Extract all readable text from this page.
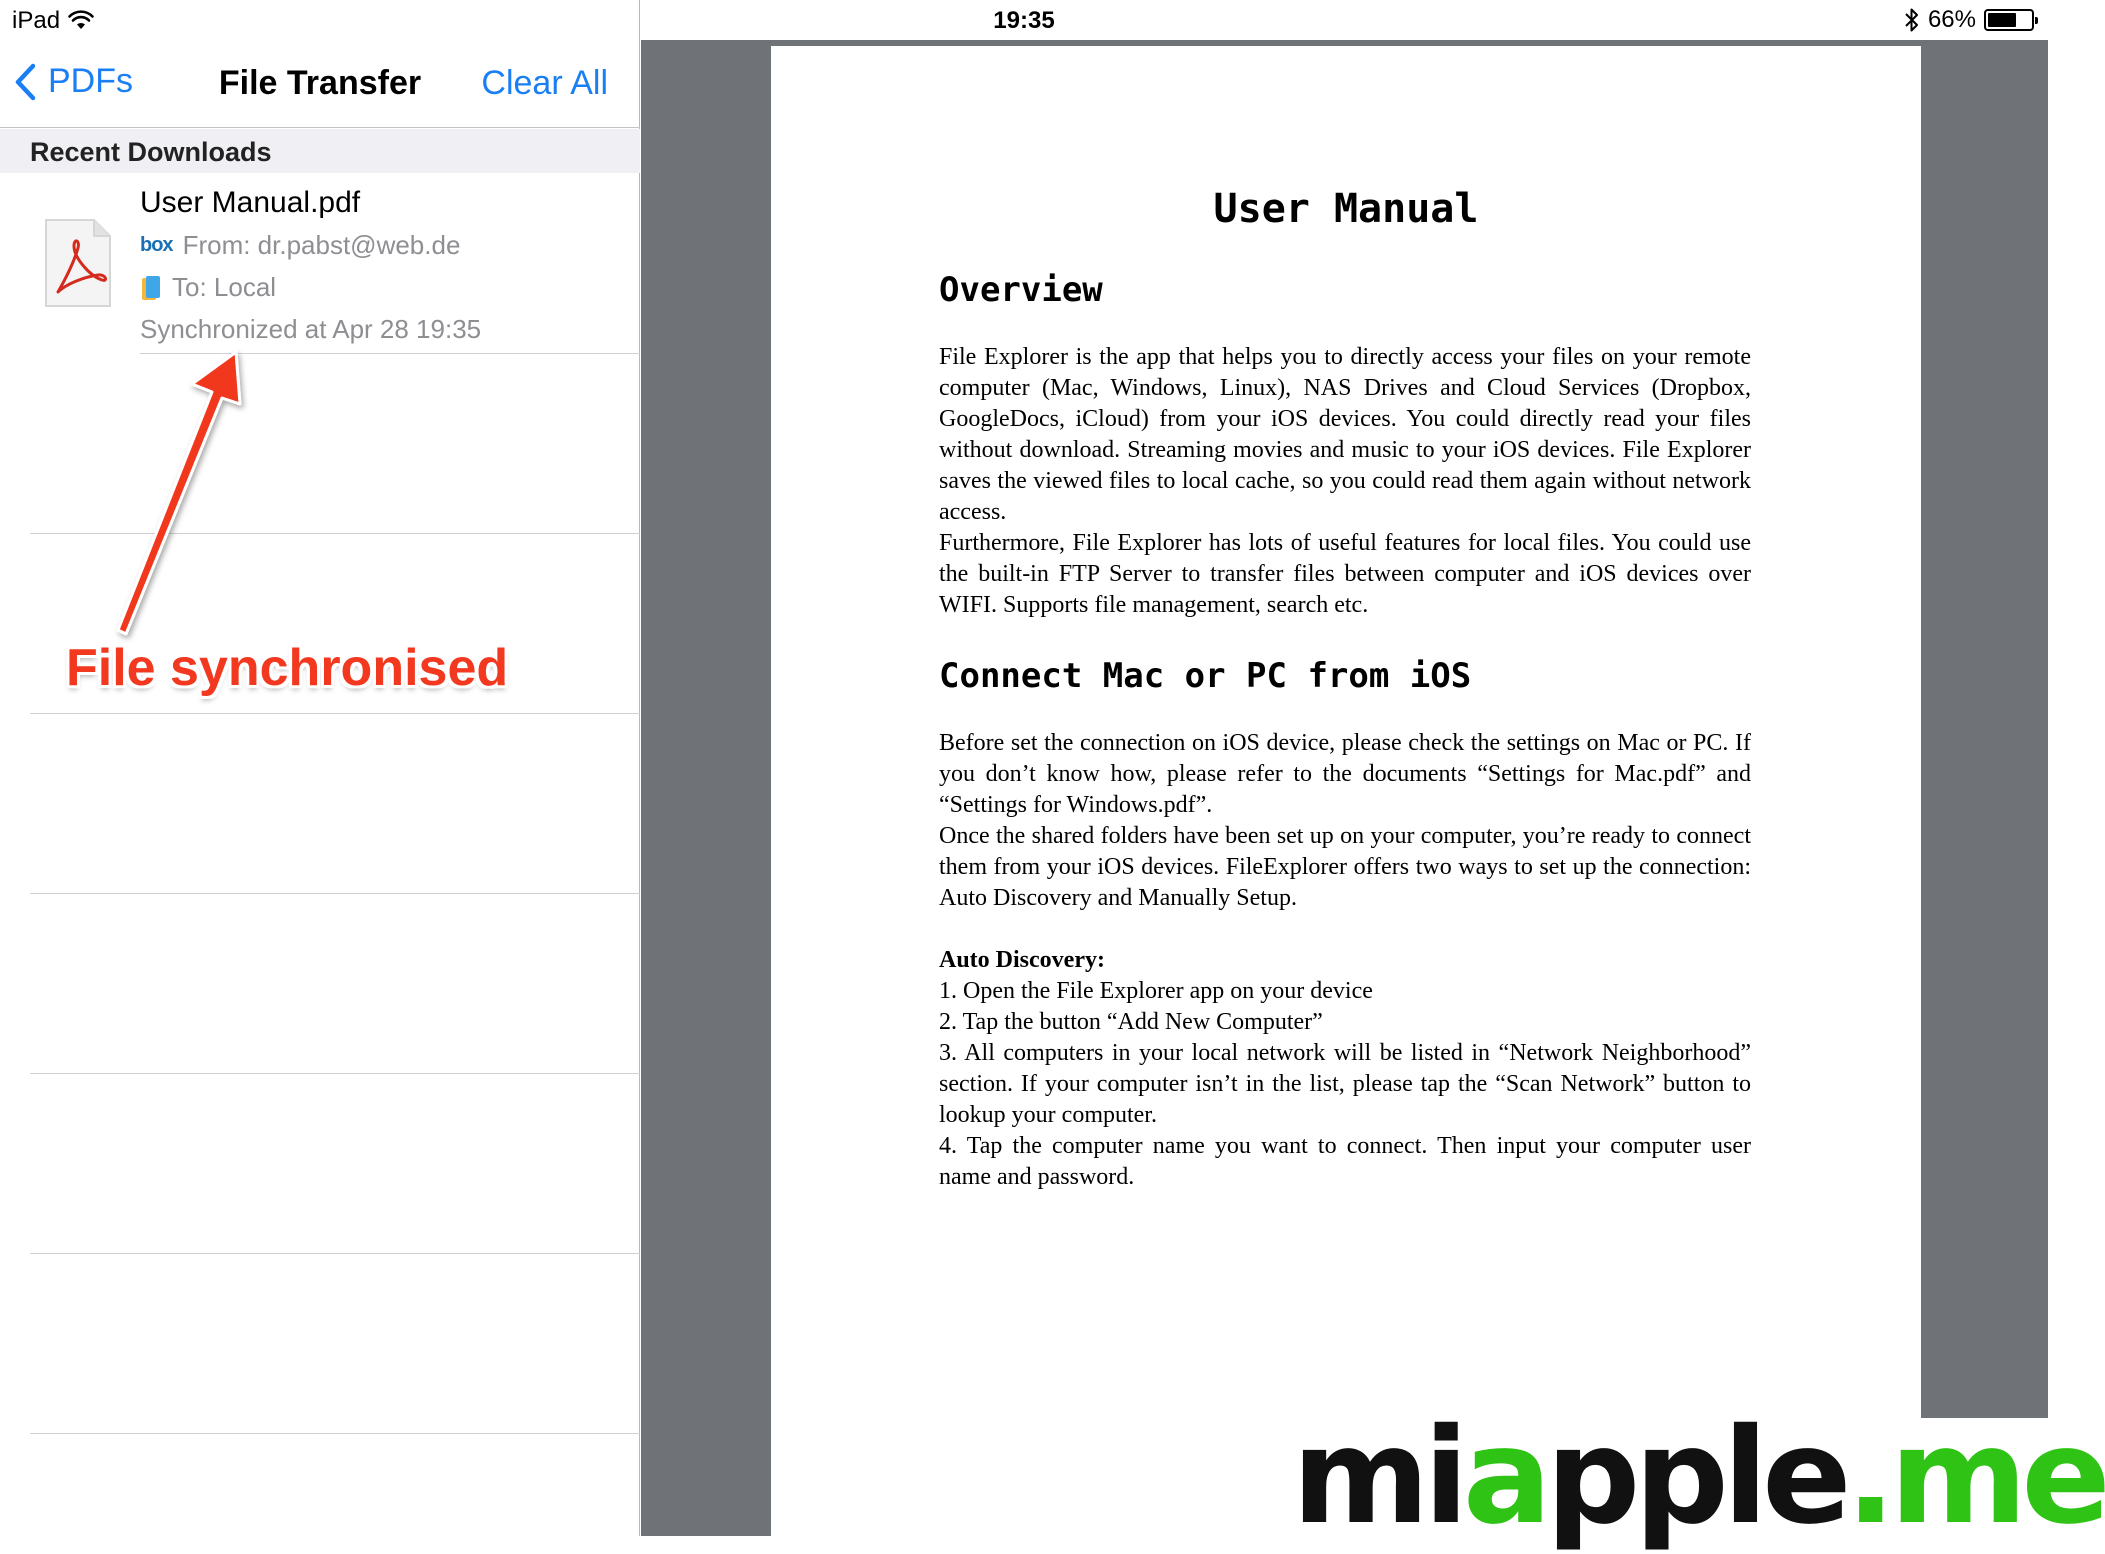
PDFs	File Transfer	Clear All
Recent Downloads
User Manual.pdf
box From: dr.pabst@web.de
To: Local
Synchronized at Apr 28 19:35
File synchronised
iPad	19:35	66%
User Manual
Overview
File Explorer is the app that helps you to directly access your files on your remote computer (Mac, Windows, Linux), NAS Drives and Cloud Services (Dropbox, GoogleDocs, iCloud) from your iOS devices. You could directly read your files without download. Streaming movies and music to your iOS devices. File Explorer saves the viewed files to local cache, so you could read them again without network access.
Furthermore, File Explorer has lots of useful features for local files. You could use the built-in FTP Server to transfer files between computer and iOS devices over WIFI. Supports file management, search etc.
Connect Mac or PC from iOS
Before set the connection on iOS device, please check the settings on Mac or PC. If you don’t know how, please refer to the documents “Settings for Mac.pdf” and “Settings for Windows.pdf”.
Once the shared folders have been set up on your computer, you’re ready to connect them from your iOS devices. FileExplorer offers two ways to set up the connection: Auto Discovery and Manually Setup.
Auto Discovery:
1. Open the File Explorer app on your device
2. Tap the button “Add New Computer”
3. All computers in your local network will be listed in “Network Neighborhood” section. If your computer isn’t in the list, please tap the “Scan Network” button to lookup your computer.
4. Tap the computer name you want to connect. Then input your computer user name and password.
miapple.me
